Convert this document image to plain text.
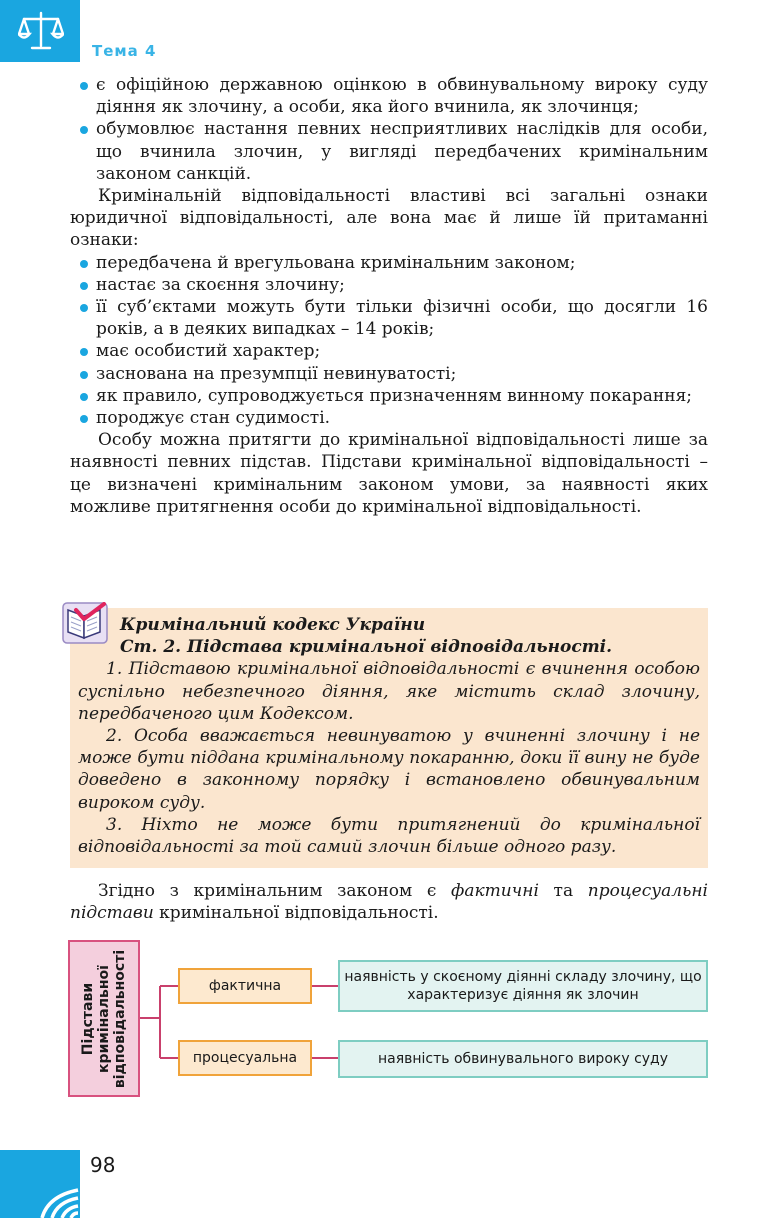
Тема 4
є офіційною державною оцінкою в обвинувальному вироку суду діяння як злочину, а особи, яка його вчинила, як злочинця;
обумовлює настання певних несприятливих наслідків для особи, що вчинила злочин, у вигляді передбачених кримінальним законом санкцій.

Кримінальній відповідальності властиві всі загальні ознаки юридичної відповідальності, але вона має й лише їй притаманні ознаки:

передбачена й врегульована кримінальним законом;
настає за скоєння злочину;
її суб’єктами можуть бути тільки фізичні особи, що досягли 16 років, а в деяких випадках – 14 років;
має особистий характер;
заснована на презумпції невинуватості;
як правило, супроводжується призначенням винному покарання;
породжує стан судимості.

Особу можна притягти до кримінальної відповідальності лише за наявності певних підстав. Підстави кримінальної відповідальності – це визначені кримінальним законом умови, за наявності яких можливе притягнення особи до кримінальної відповідальності.

Кримінальний кодекс України
Ст. 2. Підстава кримінальної відповідальності.

1. Підставою кримінальної відповідальності є вчинення особою суспільно небезпечного діяння, яке містить склад злочину, передбаченого цим Кодексом.

2. Особа вважається невинуватою у вчиненні злочину і не може бути піддана кримінальному покаранню, доки її вину не буде доведено в законному порядку і встановлено обвинувальним вироком суду.

3. Ніхто не може бути притягнений до кримінальної відповідальності за той самий злочин більше одного разу.

Згідно з кримінальним законом є фактичні та процесуальні підстави кримінальної відповідальності.
Підстави кримінальної відповідальності	фактична
наявність у скоєному діянні складу злочину, що характеризує діяння як злочин
процесуальна	наявність обвинувального вироку суду
98
